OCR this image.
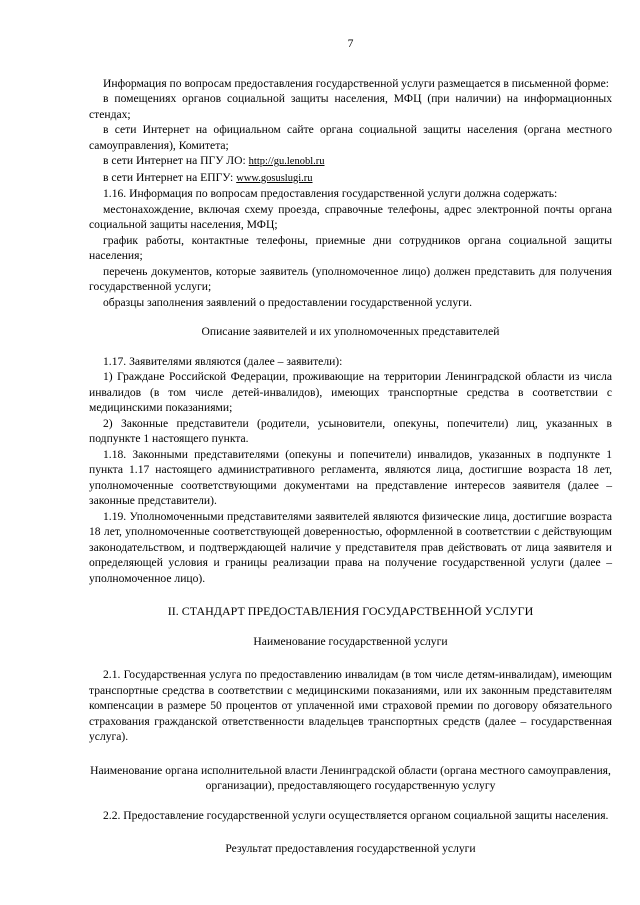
7

Информация по вопросам предоставления государственной услуги размещается в письменной форме:

в помещениях органов социальной защиты населения, МФЦ (при наличии) на информационных стендах;

в сети Интернет на официальном сайте органа социальной защиты населения (органа местного самоуправления), Комитета;

в сети Интернет на ПГУ ЛО: http://gu.lenobl.ru

в сети Интернет на ЕПГУ: www.gosuslugi.ru

1.16. Информация по вопросам предоставления государственной услуги должна содержать:

местонахождение, включая схему проезда, справочные телефоны, адрес электронной почты органа социальной защиты населения, МФЦ;

график работы, контактные телефоны, приемные дни сотрудников органа социальной защиты населения;

перечень документов, которые заявитель (уполномоченное лицо) должен представить для получения государственной услуги;

образцы заполнения заявлений о предоставлении государственной услуги.

Описание заявителей и их уполномоченных представителей

1.17. Заявителями являются (далее – заявители):

1) Граждане Российской Федерации, проживающие на территории Ленинградской области из числа инвалидов (в том числе детей-инвалидов), имеющих транспортные средства в соответствии с медицинскими показаниями;

2) Законные представители (родители, усыновители, опекуны, попечители) лиц, указанных в подпункте 1 настоящего пункта.

1.18. Законными представителями (опекуны и попечители) инвалидов, указанных в подпункте 1 пункта 1.17 настоящего административного регламента, являются лица, достигшие возраста 18 лет, уполномоченные соответствующими документами на представление интересов заявителя (далее – законные представители).

1.19. Уполномоченными представителями заявителей являются физические лица, достигшие возраста 18 лет, уполномоченные соответствующей доверенностью, оформленной в соответствии с действующим законодательством, и подтверждающей наличие у представителя прав действовать от лица заявителя и определяющей условия и границы реализации права на получение государственной услуги (далее – уполномоченное лицо).

II. СТАНДАРТ ПРЕДОСТАВЛЕНИЯ ГОСУДАРСТВЕННОЙ УСЛУГИ

Наименование государственной услуги

2.1. Государственная услуга по предоставлению инвалидам (в том числе детям-инвалидам), имеющим транспортные средства в соответствии с медицинскими показаниями, или их законным представителям компенсации в размере 50 процентов от уплаченной ими страховой премии по договору обязательного страхования гражданской ответственности владельцев транспортных средств (далее – государственная услуга).

Наименование органа исполнительной власти Ленинградской области (органа местного самоуправления, организации), предоставляющего государственную услугу

2.2. Предоставление государственной услуги осуществляется органом социальной защиты населения.

Результат предоставления государственной услуги
